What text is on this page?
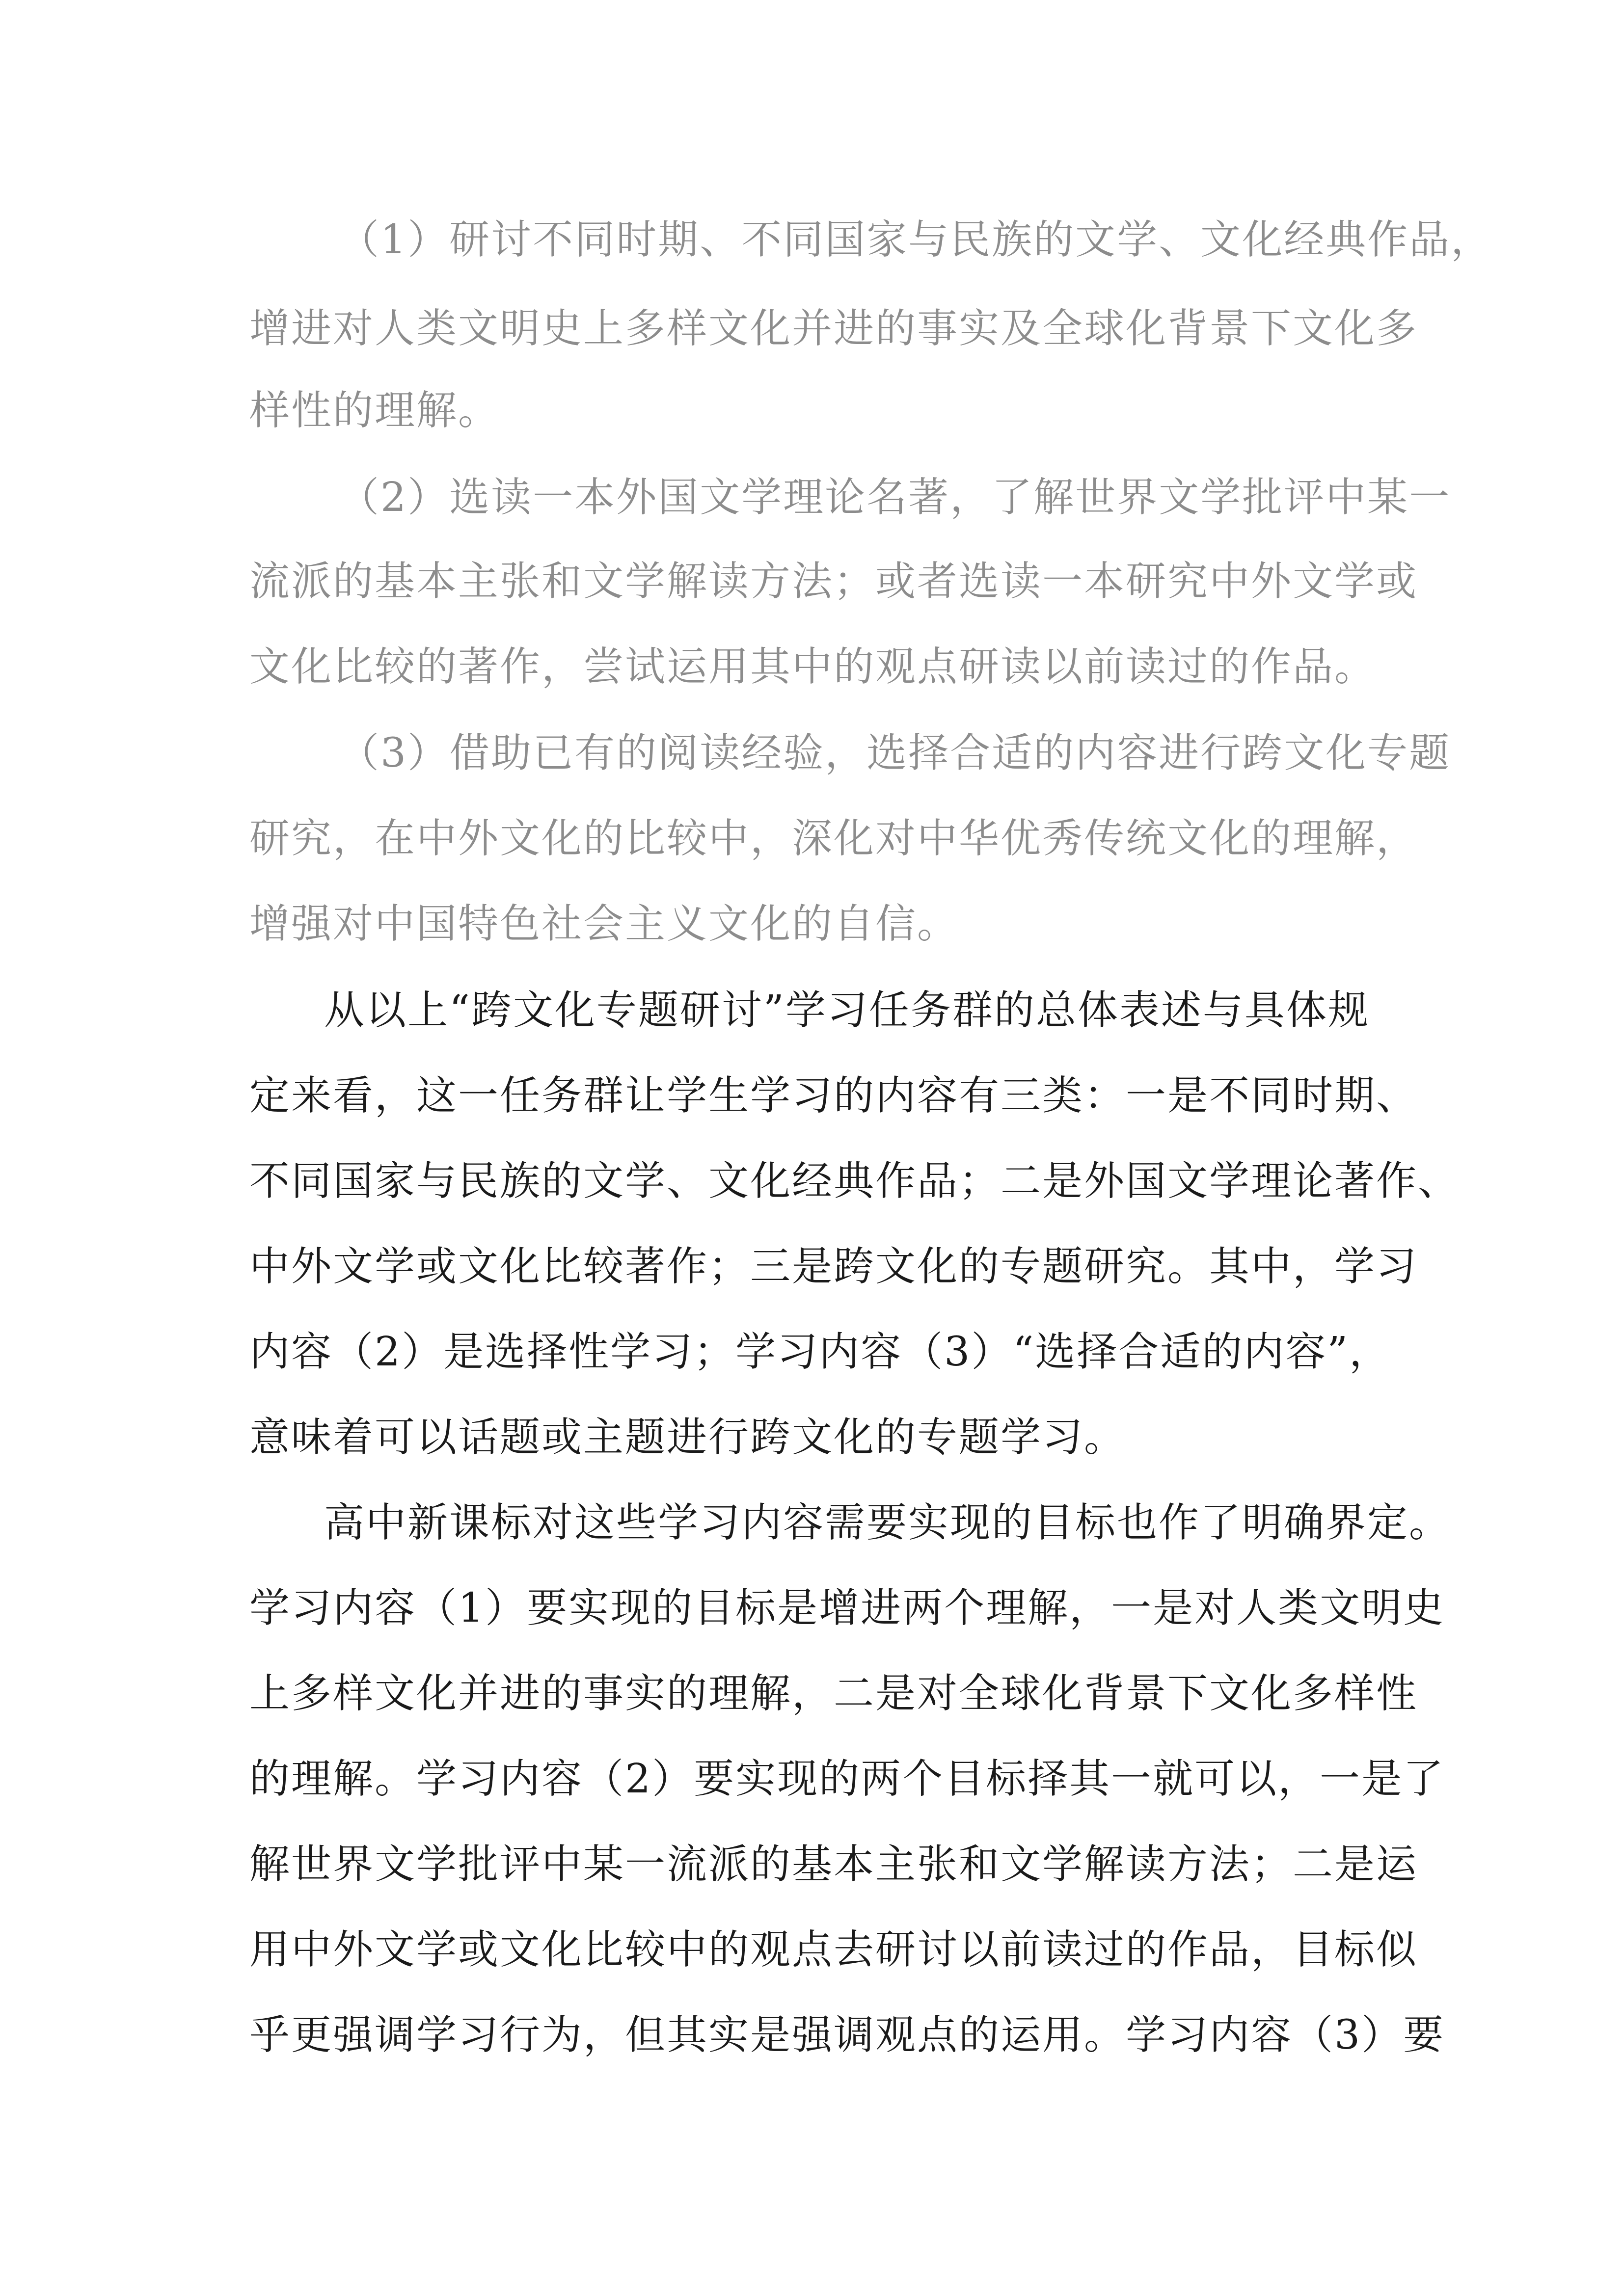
（1）研讨不同时期、不同国家与民族的文学、文化经典作品，
增进对人类文明史上多样文化并进的事实及全球化背景下文化多
样性的理解。
（2）选读一本外国文学理论名著，了解世界文学批评中某一
流派的基本主张和文学解读方法；或者选读一本研究中外文学或
文化比较的著作，尝试运用其中的观点研读以前读过的作品。
（3）借助已有的阅读经验，选择合适的内容进行跨文化专题
研究，在中外文化的比较中，深化对中华优秀传统文化的理解，
增强对中国特色社会主义文化的自信。
从以上“跨文化专题研讨”学习任务群的总体表述与具体规
定来看，这一任务群让学生学习的内容有三类：一是不同时期、
不同国家与民族的文学、文化经典作品；二是外国文学理论著作、
中外文学或文化比较著作；三是跨文化的专题研究。其中，学习
内容（2）是选择性学习；学习内容（3）“选择合适的内容”，
意味着可以话题或主题进行跨文化的专题学习。
高中新课标对这些学习内容需要实现的目标也作了明确界定。
学习内容（1）要实现的目标是增进两个理解，一是对人类文明史
上多样文化并进的事实的理解，二是对全球化背景下文化多样性
的理解。学习内容（2）要实现的两个目标择其一就可以，一是了
解世界文学批评中某一流派的基本主张和文学解读方法；二是运
用中外文学或文化比较中的观点去研讨以前读过的作品，目标似
乎更强调学习行为，但其实是强调观点的运用。学习内容（3）要
